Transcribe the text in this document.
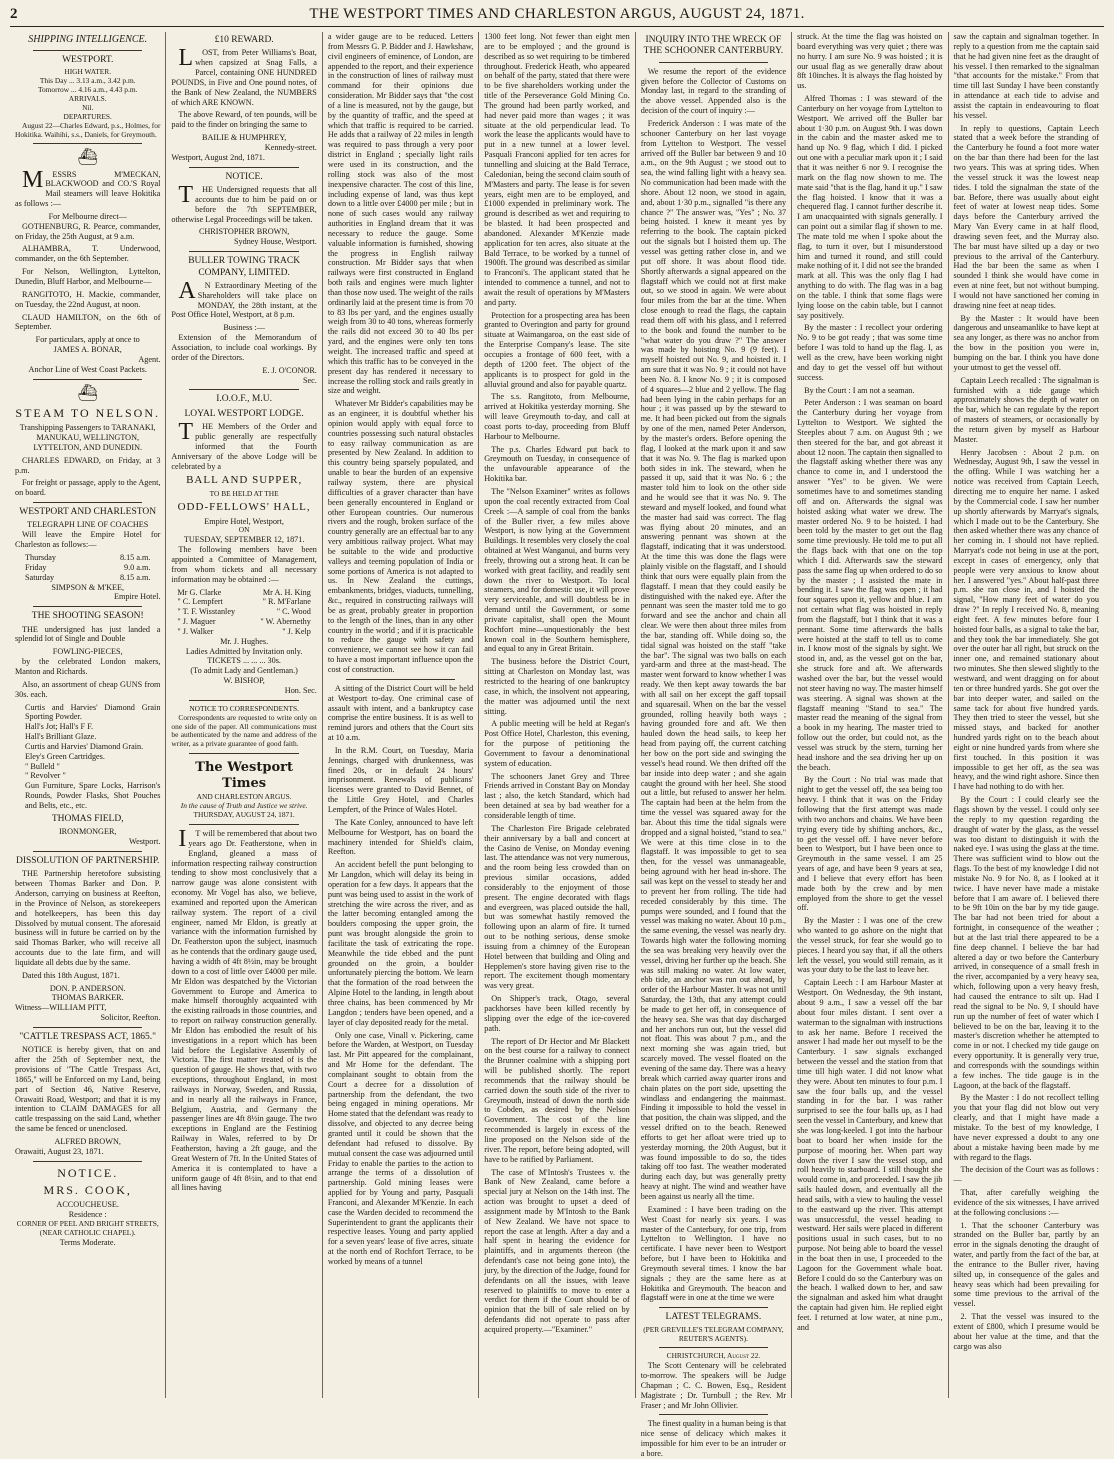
2	THE WESTPORT TIMES AND CHARLESTON ARGUS, AUGUST 24, 1871.
SHIPPING INTELLIGENCE.
WESTPORT.
HIGH WATER.
This Day ... 3.13 a.m., 3.42 p.m.
Tomorrow ... 4.16 a.m., 4.43 p.m.
ARRIVALS.
Nil.
DEPARTURES.

August 22—Charles Edward, p.s., Holmes, for Hokitika. Waihihi, s.s., Daniels, for Greymouth.

⛴

MESSRS M'MECKAN, BLACKWOOD and CO.'S Royal Mail steamers will leave Hokitika as follows :—

For Melbourne direct—

GOTHENBURG, R. Pearce, commander, on Friday, the 25th August, at 9 a.m.

ALHAMBRA, T. Underwood, commander, on the 6th September.

For Nelson, Wellington, Lyttelton, Dunedin, Bluff Harbor, and Melbourne—

RANGITOTO, H. Mackie, commander, on Tuesday, the 22nd August, at noon.

CLAUD HAMILTON, on the 6th of September.

For particulars, apply at once to
JAMES A. BONAR,
Agent.
Anchor Line of West Coast Packets.
⛴
STEAM TO NELSON.

Transhipping Passengers to TARANAKI, MANUKAU, WELLINGTON, LYTTELTON, AND DUNEDIN.

CHARLES EDWARD, on Friday, at 3 p.m.

For freight or passage, apply to the Agent, on board.

WESTPORT AND CHARLESTON
TELEGRAPH LINE OF COACHES

Will leave the Empire Hotel for Charleston as follows:—

Thursday	8.15 a.m.
Friday	9.0 a.m.
Saturday	8.15 a.m.
SIMPSON & M'KEE,
Empire Hotel.
THE SHOOTING SEASON!

THE undersigned has just landed a splendid lot of Single and Double

FOWLING-PIECES,

by the celebrated London makers, Manton and Richards.

Also, an assortment of cheap GUNS from 30s. each.

Curtis and Harvies' Diamond Grain Sporting Powder.
Hall's Jot; Hall's F F.
Hall's Brilliant Glaze.
Curtis and Harvies' Diamond Grain.
Eley's Green Cartridges.
" Bulleld "
" Revolver "
Gun Furniture, Spare Locks, Harrison's Rounds, Powder Flasks, Shot Pouches and Belts, etc., etc.
THOMAS FIELD,
IRONMONGER,
Westport.
DISSOLUTION OF PARTNERSHIP.

THE Partnership heretofore subsisting between Thomas Barker and Don. P. Anderson, carrying on business at Reefton, in the Province of Nelson, as storekeepers and hotelkeepers, has been this day Dissolved by mutual consent. The aforesaid business will in future be carried on by the said Thomas Barker, who will receive all accounts due to the late firm, and will liquidate all debts due by the same.

Dated this 18th August, 1871.

DON. P. ANDERSON.
THOMAS BARKER.
Witness—WILLIAM PITT,
Solicitor, Reefton.
"CATTLE TRESPASS ACT, 1865."

NOTICE is hereby given, that on and after the 25th of September next, the provisions of "The Cattle Trespass Act, 1865," will be Enforced on my Land, being part of Section 46, Native Reserve, Orawaiti Road, Westport; and that it is my intention to CLAIM DAMAGES for all cattle trespassing on the said Land, whether the same be fenced or unenclosed.

ALFRED BROWN,
Orawaiti, August 23, 1871.
NOTICE.
MRS. COOK,
ACCOUCHEUSE.
Residence :
CORNER OF PEEL AND BRIGHT STREETS,
(NEAR CATHOLIC CHAPEL).
Terms Moderate.
£10 REWARD.

LOST, from Peter Williams's Boat, when capsized at Snag Falls, a Parcel, containing ONE HUNDRED POUNDS, in Five and One pound notes, of the Bank of New Zealand, the NUMBERS of which ARE KNOWN.

The above Reward, of ten pounds, will be paid to the finder on bringing the same to

BAILIE & HUMPHREY,
Kennedy-street.
Westport, August 2nd, 1871.
NOTICE.

THE Undersigned requests that all accounts due to him be paid on or before the 7th SEPTEMBER, otherwise Legal Proceedings will be taken.

CHRISTOPHER BROWN,
Sydney House, Westport.
BULLER TOWING TRACK COMPANY, LIMITED.

AN Extraordinary Meeting of the Shareholders will take place on MONDAY, the 28th instant, at the Post Office Hotel, Westport, at 8 p.m.

Business :—

Extension of the Memorandum of Association, to include coal workings. By order of the Directors.

E. J. O'CONOR.
Sec.
I.O.O.F., M.U.
LOYAL WESTPORT LODGE.

THE Members of the Order and public generally are respectfully informed that the Fourth Anniversary of the above Lodge will be celebrated by a

BALL AND SUPPER,
TO BE HELD AT THE
ODD-FELLOWS' HALL,
Empire Hotel, Westport,
ON
TUESDAY, SEPTEMBER 12, 1871.

The following members have been appointed a Committee of Management, from whom tickets and all necessary information may be obtained :—

Mr G. Clarke	Mr A. H. King
" C. Lempfert	" R. M'Farlane
" T. F. Wisstanley	" C. Wood
" J. Maguer	" W. Abernethy
" J. Walker	" J. Kelp
Mr. J. Hughes.
Ladies Admitted by Invitation only.
TICKETS ... ... ... 30s.
(To admit Lady and Gentleman.)
W. BISHOP,
Hon. Sec.
NOTICE TO CORRESPONDENTS.

Correspondents are requested to write only on one side of the paper. All communications must be authenticated by the name and address of the writer, as a private guarantee of good faith.

The Westport Times
AND CHARLESTON ARGUS.
In the cause of Truth and Justice we strive.
THURSDAY, AUGUST 24, 1871.

IT will be remembered that about two years ago Dr. Featherstone, when in England, gleaned a mass of information respecting railway construction tending to show most conclusively that a narrow gauge was alone consistent with economy. Mr Vogel has also, we believe, examined and reported upon the American railway system. The report of a civil engineer, named Mr Eldon, is greatly at variance with the information furnished by Dr. Featherston upon the subject, inasmuch as he contends that the ordinary gauge used, having a width of 4ft 8½in, may be brought down to a cost of little over £4000 per mile. Mr Eldon was despatched by the Victorian Government to Europe and America to make himself thoroughly acquainted with the existing railroads in those countries, and to report on railway construction generally. Mr Eldon has embodied the result of his investigations in a report which has been laid before the Legislative Assembly of Victoria. The first matter treated of is the question of gauge. He shows that, with two exceptions, throughout England, in most railways in Norway, Sweden, and Russia, and in nearly all the railways in France, Belgium, Austria, and Germany the passenger lines are 4ft 8½in gauge. The two exceptions in England are the Festiniog Railway in Wales, referred to by Dr Featherston, having a 2ft gauge, and the Great Western of 7ft. In the United States of America it is contemplated to have a uniform gauge of 4ft 8½in, and to that end all lines having

a wider gauge are to be reduced. Letters from Messrs G. P. Bidder and J. Hawkshaw, civil engineers of eminence, of London, are appended to the report, and their experience in the construction of lines of railway must command for their opinions due consideration. Mr Bidder says that "the cost of a line is measured, not by the gauge, but by the quantity of traffic, and the speed at which that traffic is required to be carried. He adds that a railway of 22 miles in length was required to pass through a very poor district in England ; specially light rails were used in its construction, and the rolling stock was also of the most inexpensive character. The cost of this line, including expense of land, was thus kept down to a little over £4000 per mile ; but in none of such cases would any railway authorities in England dream that it was necessary to reduce the gauge. Some valuable information is furnished, showing the progress in English railway construction. Mr Bidder says that when railways were first constructed in England both rails and engines were much lighter than those now used. The weight of the rails ordinarily laid at the present time is from 70 to 83 lbs per yard, and the engines usually weigh from 30 to 40 tons, whereas formerly the rails did not exceed 30 to 40 lbs per yard, and the engines were only ten tons weight. The increased traffic and speed at which this traffic has to be conveyed in the present day has rendered it necessary to increase the rolling stock and rails greatly in size and weight.

Whatever Mr Bidder's capabilities may be as an engineer, it is doubtful whether his opinion would apply with equal force to countries possessing such natural obstacles to easy railway communication as are presented by New Zealand. In addition to this country being sparsely populated, and unable to bear the burden of an expensive railway system, there are physical difficulties of a graver character than have been generally encountered in England or other European countries. Our numerous rivers and the rough, broken surface of the country generally are an effectual bar to any very ambitious railway project. What may be suitable to the wide and productive valleys and teeming population of India or some portions of America is not adapted to us. In New Zealand the cuttings, embankments, bridges, viaducts, tunnelling, &c., required in constructing railways will be as great, probably greater in proportion to the length of the lines, than in any other country in the world ; and if it is practicable to reduce the gauge with safety and convenience, we cannot see how it can fail to have a most important influence upon the cost of construction.

A sitting of the District Court will be held at Westport to-day. One criminal case of assault with intent, and a bankruptcy case comprise the entire business. It is as well to remind jurors and others that the Court sits at 10 a.m.

In the R.M. Court, on Tuesday, Maria Jennings, charged with drunkenness, was fined 20s, or in default 24 hours' imprisonment. Renewals of publicans' licenses were granted to David Bennet, of the Little Grey Hotel, and Charles Lempfert, of the Prince of Wales Hotel.

The Kate Conley, announced to have left Melbourne for Westport, has on board the machinery intended for Shield's claim, Reefton.

An accident befell the punt belonging to Mr Langdon, which will delay its being in operation for a few days. It appears that the punt was being used to assist in the work of stretching the wire across the river, and as the latter becoming entangled among the boulders composing the upper groin, the punt was brought alongside the groin to facilitate the task of extricating the rope. Meanwhile the tide ebbed and the punt grounded on the groin, a boulder unfortunately piercing the bottom. We learn that the formation of the road between the Alpine Hotel to the landing, in length about three chains, has been commenced by Mr Langdon ; tenders have been opened, and a layer of clay deposited ready for the metal.

Only one case, Vinall v. Pickering, came before the Warden, at Westport, on Tuesday last. Mr Pitt appeared for the complainant, and Mr Home for the defendant. The complainant sought to obtain from the Court a decree for a dissolution of partnership from the defendant, the two being engaged in mining operations. Mr Home stated that the defendant was ready to dissolve, and objected to any decree being granted until it could be shown that the defendant had refused to dissolve. By mutual consent the case was adjourned until Friday to enable the parties to the action to arrange the terms of a dissolution of partnership. Gold mining leases were applied for by Young and party, Pasquali Franconi, and Alexander M'Kenzie. In each case the Warden decided to recommend the Superintendent to grant the applicants their respective leases. Young and party applied for a seven years' lease of five acres, situate at the north end of Rochfort Terrace, to be worked by means of a tunnel

1300 feet long. Not fewer than eight men are to be employed ; and the ground is described as so wet requiring to be timbered throughout. Frederick Heath, who appeared on behalf of the party, stated that there were to be five shareholders working under the title of the Perseverance Gold Mining Co. The ground had been partly worked, and had never paid more than wages ; it was situate at the old perpendicular lead. To work the lease the applicants would have to put in a new tunnel at a lower level. Pasquali Franconi applied for ten acres for tunnelling and sluicing at the Bald Terrace, Caledonian, being the second claim south of M'Masters and party. The lease is for seven years, eight men are to be employed, and £1000 expended in preliminary work. The ground is described as wet and requiring to be blasted. It had been prospected and abandoned. Alexander M'Kenzie made application for ten acres, also situate at the Bald Terrace, to be worked by a tunnel of 1900ft. The ground was described as similar to Franconi's. The applicant stated that he intended to commence a tunnel, and not to await the result of operations by M'Masters and party.

Protection for a prospecting area has been granted to Overington and party for ground situate at Waimangaroa, on the east side of the Enterprise Company's lease. The site occupies a frontage of 600 feet, with a depth of 1200 feet. The object of the applicants is to prospect for gold in the alluvial ground and also for payable quartz.

The s.s. Rangitoto, from Melbourne, arrived at Hokitika yesterday morning. She will leave Greymouth to-day, and call at coast ports to-day, proceeding from Bluff Harbour to Melbourne.

The p.s. Charles Edward put back to Greymouth on Tuesday, in consequence of the unfavourable appearance of the Hokitika bar.

The "Nelson Examiner" writes as follows upon the coal recently extracted from Coal Creek :—A sample of coal from the banks of the Buller river, a few miles above Westport, is now lying at the Government Buildings. It resembles very closely the coal obtained at West Wanganui, and burns very freely, throwing out a strong heat. It can be worked with great facility, and readily sent down the river to Westport. To local steamers, and for domestic use, it will prove very serviceable, and will doubtless be in demand until the Government, or some private capitalist, shall open the Mount Rochfort mine—unquestionably the best known coal in the Southern hemisphere, and equal to any in Great Britain.

The business before the District Court, sitting at Charleston on Monday last, was restricted to the hearing of one bankruptcy case, in which, the insolvent not appearing, the matter was adjourned until the next sitting.

A public meeting will be held at Regan's Post Office Hotel, Charleston, this evening, for the purpose of petitioning the Government to favour a denominational system of education.

The schooners Janet Grey and Three Friends arrived in Constant Bay on Monday last ; also, the ketch Standard, which had been detained at sea by bad weather for a considerable length of time.

The Charleston Fire Brigade celebrated their anniversary by a ball and concert at the Casino de Venise, on Monday evening last. The attendance was not very numerous, and the room being less crowded than on previous similar occasions, added considerably to the enjoyment of those present. The engine decorated with flags and evergreen, was placed outside the hall, but was somewhat hastily removed the following upon an alarm of fire. It turned out to be nothing serious, dense smoke issuing from a chimney of the European Hotel between that building and Oling and Hepplemen's store having given rise to the report. The excitement though momentary was very great.

On Shipper's track, Otago, several packhorses have been killed recently by slipping over the edge of the ice-covered path.

The report of Dr Hector and Mr Blackett on the best course for a railway to connect the Brunner coalmine with a shipping port will be published shortly. The report recommends that the railway should be carried down the south side of the river to Greymouth, instead of down the north side to Cobden, as desired by the Nelson Government. The cost of the line recommended is largely in excess of the line proposed on the Nelson side of the river. The report, before being adopted, will have to be ratified by Parliament.

The case of M'Intosh's Trustees v. the Bank of New Zealand, came before a special jury at Nelson on the 14th inst. The action was brought to upset a deed of assignment made by M'Intosh to the Bank of New Zealand. We have not space to report the case at length. After a day and a half spent in hearing the evidence for plaintiffs, and in arguments thereon (the defendant's case not being gone into), the jury, by the direction of the Judge, found for defendants on all the issues, with leave reserved to plaintiffs to move to enter a verdict for them if the Court should be of opinion that the bill of sale relied on by defendants did not operate to pass after acquired property.—"Examiner."

INQUIRY INTO THE WRECK OF THE SCHOONER CANTERBURY.

We resume the report of the evidence given before the Collector of Customs on Monday last, in regard to the stranding of the above vessel. Appended also is the decision of the court of inquiry :—

Frederick Anderson : I was mate of the schooner Canterbury on her last voyage from Lyttelton to Westport. The vessel arrived off the Buller bar between 9 and 10 a.m., on the 9th August ; we stood out to sea, the wind falling light with a heavy sea. No communication had been made with the shore. About 12 noon, we stood in again, and, about 1·30 p.m., signalled "is there any chance ?" The answer was, "Yes" ; No. 37 being hoisted. I knew it meant yes by referring to the book. The captain picked out the signals but I hoisted them up. The vessel was getting rather close in, and we put off shore. It was about flood tide. Shortly afterwards a signal appeared on the flagstaff which we could not at first make out, so we stood in again. We were about four miles from the bar at the time. When close enough to read the flags, the captain read them off with his glass, and I referred to the book and found the number to be "what water do you draw ?" The answer was made by hoisting No. 9 (9 feet). I myself hoisted out No. 9, and hoisted it. I am sure that it was No. 9 ; it could not have been No. 8. I know No. 9 ; it is composed of 4 squares—2 blue and 2 yellow. The flag had been lying in the cabin perhaps for an hour ; it was passed up by the steward to me. It had been picked out from the signals by one of the men, named Peter Anderson, by the master's orders. Before opening the flag, I looked at the mark upon it and saw that it was No. 9. The flag is marked upon both sides in ink. The steward, when he passed it up, said that it was No. 6 ; the master told him to look on the other side and he would see that it was No. 9. The steward and myself looked, and found what the master had said was correct. The flag was flying about 20 minutes, and an answering pennant was shown at the flagstaff, indicating that it was understood. At the time this was done the flags were plainly visible on the flagstaff, and I should think that ours were equally plain from the flagstaff. I mean that they could easily be distinguished with the naked eye. After the pennant was seen the master told me to go forward and see the anchor and chain all clear. We were then about three miles from the bar, standing off. While doing so, the tidal signal was hoisted on the staff "take the bar". The signal was two balls on each yard-arm and three at the mast-head. The master went forward to know whether I was ready. We then kept away towards the bar with all sail on her except the gaff topsail and squaresail. When on the bar the vessel grounded, rolling heavily both ways ; having grounded fore and aft. We then hauled down the head sails, to keep her head from paying off, the current catching her bow on the port side and swinging the vessel's head round. We then drifted off the bar inside into deep water ; and she again caught the ground with her heel. She stood out a little, but refused to answer her helm. The captain had been at the helm from the time the vessel was squared away for the bar. About this time the tidal signals were dropped and a signal hoisted, "stand to sea." We were at this time close in to the flagstaff. It was impossible to get to sea then, for the vessel was unmanageable, being aground with her head in-shore. The sail was kept on the vessel to steady her and to prevent her from rolling. The tide had receded considerably by this time. The pumps were sounded, and I found that the vessel was making no water. About 10 p.m., the same evening, the vessel was nearly dry. Towards high water the following morning the sea was breaking very heavily over the vessel, driving her further up the beach. She was still making no water. At low water, ebb tide, an anchor was run out ahead, by order of the Harbour Master. It was not until Saturday, the 13th, that any attempt could be made to get her off, in consequence of the heavy sea. She was that day discharged and her anchors run out, but the vessel did not float. This was about 7 p.m., and the next morning she was again tried, but scarcely moved. The vessel floated on the evening of the same day. There was a heavy break which carried away quarter irons and chain plates on the port side, upsetting the windlass and endangering the mainmast. Finding it impossible to hold the vessel in that position, the chain was slipped, and the vessel drifted on to the beach. Renewed efforts to get her afloat were tried up to yesterday morning, the 20th August, but it was found impossible to do so, the tides taking off too fast. The weather moderated during each day, but was generally pretty heavy at night. The wind and weather have been against us nearly all the time.

Examined : I have been trading on the West Coast for nearly six years. I was master of the Canterbury, for one trip, from Lyttelton to Wellington. I have no certificate. I have never been to Westport before, but I have been to Hokitika and Greymouth several times. I know the bar signals ; they are the same here as at Hokitika and Greymouth. The beacon and flagstaff were in one at the time we were

LATEST TELEGRAMS.
(PER GREVILLE'S TELEGRAM COMPANY, REUTER'S AGENTS).
CHRISTCHURCH, August 22.

The Scott Centenary will be celebrated to-morrow. The speakers will be Judge Chapman ; C. C. Bowen, Esq., Resident Magistrate ; Dr. Turnbull ; the Rev. Mr Fraser ; and Mr John Ollivier.

The finest quality in a human being is that nice sense of delicacy which makes it impossible for him ever to be an intruder or a bore.

struck. At the time the flag was hoisted on board everything was very quiet ; there was no hurry. I am sure No. 9 was hoisted ; it is our usual flag as we generally draw about 8ft 10inches. It is always the flag hoisted by us.

Alfred Thomas : I was steward of the Canterbury on her voyage from Lyttelton to Westport. We arrived off the Buller bar about 1·30 p.m. on August 9th. I was down in the cabin and the master asked me to hand up No. 9 flag, which I did. I picked out one with a peculiar mark upon it ; I said that it was neither 6 nor 9. I recognise the mark on the flag now shown to me. The mate said "that is the flag, hand it up." I saw the flag hoisted. I know that it was a chequered flag. I cannot further describe it. I am unacquainted with signals generally. I can point out a similar flag if shown to me. The mate told me when I spoke about the flag, to turn it over, but I misunderstood him and turned it round, and still could make nothing of it. I did not see the branded mark at all. This was the only flag I had anything to do with. The flag was in a bag on the table. I think that some flags were lying loose on the cabin table, but I cannot say positively.

By the master : I recollect your ordering No. 9 to be got ready ; that was some time before I was told to hand up the flag. I, as well as the crew, have been working night and day to get the vessel off but without success.

By the Court : I am not a seaman.

Peter Anderson : I was seaman on board the Canterbury during her voyage from Lyttelton to Westport. We sighted the Steeples about 7 a.m. on August 9th ; we then steered for the bar, and got abreast it about 12 noon. The captain then signalled to the flagstaff asking whether there was any chance to come in, and I understood the answer "Yes" to be given. We were sometimes have to and sometimes standing off and on. Afterwards the signal was hoisted asking what water we drew. The master ordered No. 9 to be hoisted. I had been told by the master to get out the flag some time previously. He told me to put all the flags back with that one on the top which I did. Afterwards saw the steward pass the same flag up when ordered to do so by the master ; I assisted the mate in bending it. I saw the flag was open ; it had four squares upon it, yellow and blue. I am not certain what flag was hoisted in reply from the flagstaff, but I think that it was a pennant. Some time afterwards the balls were hoisted at the staff to tell us to come in. I know most of the signals by sight. We stood in, and, as the vessel got on the bar, she struck fore and aft. We afterwards washed over the bar, but the vessel would not steer having no way. The master himself was steering. A signal was shown at the flagstaff meaning "Stand to sea." The master read the meaning of the signal from a book in my hearing. The master tried to follow out the order, but could not, as the vessel was struck by the stern, turning her head inshore and the sea driving her up on the beach.

By the Court : No trial was made that night to get the vessel off, the sea being too heavy. I think that it was on the Friday following that the first attempt was made with two anchors and chains. We have been trying every tide by shifting anchors, &c., to get the vessel off. I have never before been to Westport, but I have been once to Greymouth in the same vessel. I am 25 years of age, and have been 9 years at sea, and I believe that every effort has been made both by the crew and by men employed from the shore to get the vessel off.

By the Master : I was one of the crew who wanted to go ashore on the night that the vessel struck, for fear she would go to pieces. I heard you say that, if all the others left the vessel, you would still remain, as it was your duty to be the last to leave her.

Captain Leech : I am Harbour Master at Westport. On Wednesday, the 9th instant, about 9 a.m., I saw a vessel off the bar about four miles distant. I sent over a waterman to the signalman with instructions to ask her name. Before I received the answer I had made her out myself to be the Canterbury. I saw signals exchanged between the vessel and the station from that time till high water. I did not know what they were. About ten minutes to four p.m. I saw the four balls up, and the vessel standing in for the bar. I was rather surprised to see the four balls up, as I had seen the vessel in Canterbury, and knew that she was long-keeled. I got into the harbour boat to board her when inside for the purpose of mooring her. When part way down the river I saw the vessel stop, and roll heavily to starboard. I still thought she would come in, and proceeded. I saw the jib sails hauled down, and eventually all the head sails, with a view to hauling the vessel to the eastward up the river. This attempt was unsuccessful, the vessel heading to westward. Her sails were placed in different positions usual in such cases, but to no purpose. Not being able to board the vessel in the boat then in use, I proceeded to the Lagoon for the Government whale boat. Before I could do so the Canterbury was on the beach. I walked down to her, and saw the signalman and asked him what draught the captain had given him. He replied eight feet. I returned at low water, at nine p.m., and

saw the captain and signalman together. In reply to a question from me the captain said that he had given nine feet as the draught of his vessel. I then remarked to the signalman "that accounts for the mistake." From that time till last Sunday I have been constantly in attendance at each tide to advise and assist the captain in endeavouring to float his vessel.

In reply to questions, Captain Leech stated that a week before the stranding of the Canterbury he found a foot more water on the bar than there had been for the last two years. This was at spring tides. When the vessel struck it was the lowest neap tides. I told the signalman the state of the bar. Before, there was usually about eight feet of water at lowest neap tides. Some days before the Canterbury arrived the Mary Van Every came in at half flood, drawing seven feet, and the Murray also. The bar must have silted up a day or two previous to the arrival of the Canterbury. Had the bar been the same as when I sounded I think she would have come in even at nine feet, but not without bumping. I would not have sanctioned her coming in drawing nine feet at neap tides.

By the Master : It would have been dangerous and unseamanlike to have kept at sea any longer, as there was no anchor from the bow in the position you were in, bumping on the bar. I think you have done your utmost to get the vessel off.

Captain Leech recalled : The signalman is furnished with a tide gauge which approximately shows the depth of water on the bar, which he can regulate by the report of masters of steamers, or occasionally by the return given by myself as Harbour Master.

Henry Jacobsen : About 2 p.m. on Wednesday, August 9th, I saw the vessel in the offing. While I was watching her a notice was received from Captain Leech, directing me to enquire her name. I asked by the Commercial code. I saw her number up shortly afterwards by Marryat's signals, which I made out to be the Canterbury. She then asked whether there was any chance of her coming in. I should not have replied. Marryat's code not being in use at the port, except in cases of emergency, only that people were very anxious to know about her. I answered "yes." About half-past three p.m. she ran close in, and I hoisted the signal, "How many feet of water do you draw ?" In reply I received No. 8, meaning eight feet. A few minutes before four I hoisted four balls, as a signal to take the bar, and they took the bar immediately. She got over the outer bar all right, but struck on the inner one, and remained stationary about two minutes. She then slewed slightly to the westward, and went dragging on for about ten or three hundred yards. She got over the bar into deeper water, and sailed on the same tack for about five hundred yards. They then tried to steer the vessel, but she missed stays, and backed for another hundred yards right on to the beach about eight or nine hundred yards from where she first touched. In this position it was impossible to get her off, as the sea was heavy, and the wind right ashore. Since then I have had nothing to do with her.

By the Court : I could clearly see the flags shown by the vessel. I could only see the reply to my question regarding the draught of water by the glass, as the vessel was too distant to distinguish it with the naked eye. I was using the glass at the time. There was sufficient wind to blow out the flags. To the best of my knowledge I did not mistake No. 9 for No. 8, as I looked at it twice. I have never have made a mistake before that I am aware of. I believed there to be 9ft 10in on the bar by my tide gauge. The bar had not been tried for about a fortnight, in consequence of the weather ; but at the last trial there appeared to be a fine deep channel. I believe the bar had altered a day or two before the Canterbury arrived, in consequence of a small fresh in the river, accompanied by a very heavy sea, which, following upon a very heavy fresh, had caused the entrance to silt up. Had I read the signal to be No. 9, I should have run up the number of feet of water which I believed to be on the bar, leaving it to the master's discretion whether he attempted to come in or not. I checked my tide gauge on every opportunity. It is generally very true, and corresponds with the soundings within a few inches. The tide gauge is in the Lagoon, at the back of the flagstaff.

By the Master : I do not recollect telling you that your flag did not blow out very clearly, and that I might have made a mistake. To the best of my knowledge, I have never expressed a doubt to any one about a mistake having been made by me with regard to the flags.

The decision of the Court was as follows :—

That, after carefully weighing the evidence of the six witnesses, I have arrived at the following conclusions :—

1. That the schooner Canterbury was stranded on the Buller bar, partly by an error in the signals denoting the draught of water, and partly from the fact of the bar, at the entrance to the Buller river, having silted up, in consequence of the gales and heavy seas which had been prevailing for some time previous to the arrival of the vessel.

2. That the vessel was insured to the extent of £800, which I presume would be about her value at the time, and that the cargo was also
